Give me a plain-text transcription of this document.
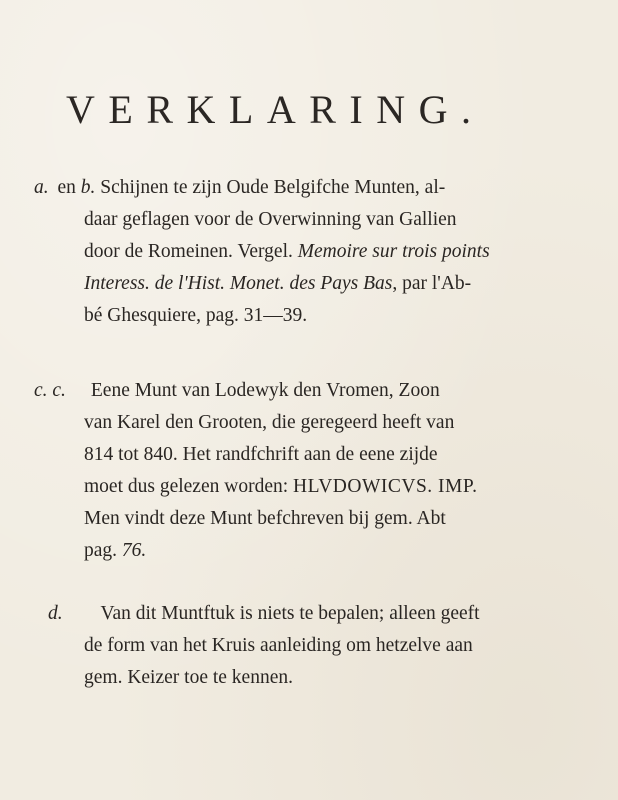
VERKLARING.
a. en b. Schijnen te zijn Oude Belgifche Munten, al-
daar geflagen voor de Overwinning van Gallien
door de Romeinen. Vergel. Memoire sur trois points
Interess. de l'Hist. Monet. des Pays Bas, par l'Ab-
bé Ghesquiere, pag. 31—39.
c. c. Eene Munt van Lodewyk den Vromen, Zoon
van Karel den Grooten, die geregeerd heeft van
814 tot 840. Het randfchrift aan de eene zijde
moet dus gelezen worden: HLVDOWICVS. IMP.
Men vindt deze Munt befchreven bij gem. Abt
pag. 76.
d. Van dit Muntftuk is niets te bepalen; alleen geeft
de form van het Kruis aanleiding om hetzelve aan
gem. Keizer toe te kennen.
